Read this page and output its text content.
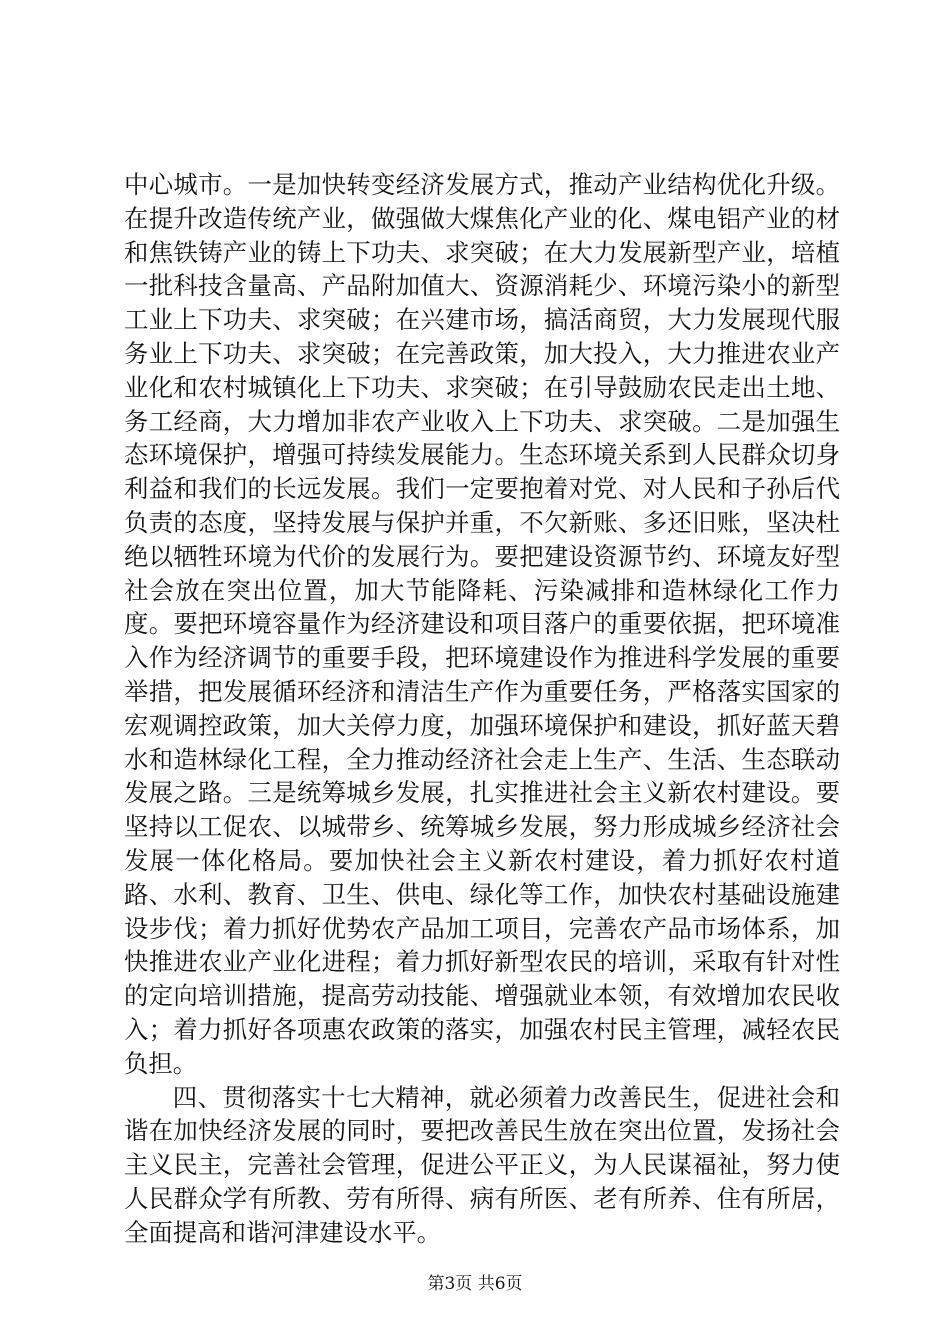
中心城市。一是加快转变经济发展方式，推动产业结构优化升级。在提升改造传统产业，做强做大煤焦化产业的化、煤电铝产业的材和焦铁铸产业的铸上下功夫、求突破；在大力发展新型产业，培植一批科技含量高、产品附加值大、资源消耗少、环境污染小的新型工业上下功夫、求突破；在兴建市场，搞活商贸，大力发展现代服务业上下功夫、求突破；在完善政策，加大投入，大力推进农业产业化和农村城镇化上下功夫、求突破；在引导鼓励农民走出土地、务工经商，大力增加非农产业收入上下功夫、求突破。二是加强生态环境保护，增强可持续发展能力。生态环境关系到人民群众切身利益和我们的长远发展。我们一定要抱着对党、对人民和子孙后代负责的态度，坚持发展与保护并重，不欠新账、多还旧账，坚决杜绝以牺牲环境为代价的发展行为。要把建设资源节约、环境友好型社会放在突出位置，加大节能降耗、污染减排和造林绿化工作力度。要把环境容量作为经济建设和项目落户的重要依据，把环境准入作为经济调节的重要手段，把环境建设作为推进科学发展的重要举措，把发展循环经济和清洁生产作为重要任务，严格落实国家的宏观调控政策，加大关停力度，加强环境保护和建设，抓好蓝天碧水和造林绿化工程，全力推动经济社会走上生产、生活、生态联动发展之路。三是统筹城乡发展，扎实推进社会主义新农村建设。要坚持以工促农、以城带乡、统筹城乡发展，努力形成城乡经济社会发展一体化格局。要加快社会主义新农村建设，着力抓好农村道路、水利、教育、卫生、供电、绿化等工作，加快农村基础设施建设步伐；着力抓好优势农产品加工项目，完善农产品市场体系，加快推进农业产业化进程；着力抓好新型农民的培训，采取有针对性的定向培训措施，提高劳动技能、增强就业本领，有效增加农民收入；着力抓好各项惠农政策的落实，加强农村民主管理，减轻农民负担。

四、贯彻落实十七大精神，就必须着力改善民生，促进社会和谐在加快经济发展的同时，要把改善民生放在突出位置，发扬社会主义民主，完善社会管理，促进公平正义，为人民谋福祉，努力使人民群众学有所教、劳有所得、病有所医、老有所养、住有所居，全面提高和谐河津建设水平。

第3页 共6页
